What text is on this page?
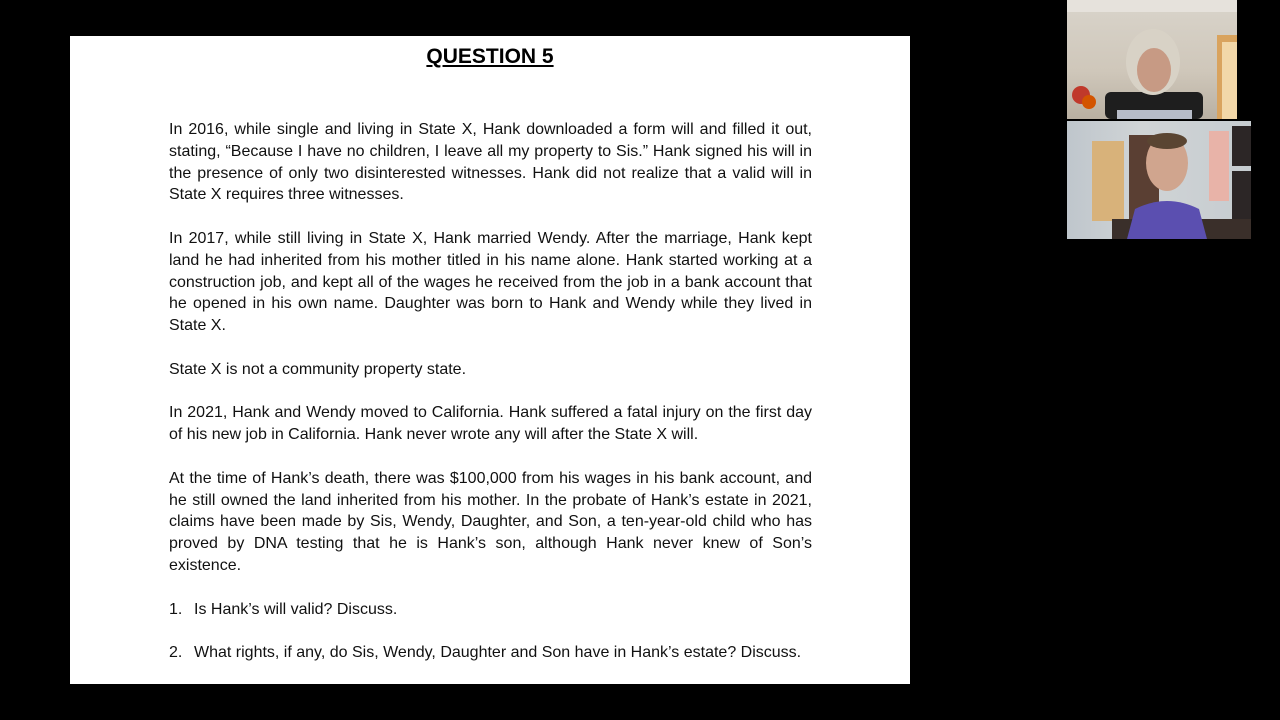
QUESTION 5

In 2016, while single and living in State X, Hank downloaded a form will and filled it out, stating, “Because I have no children, I leave all my property to Sis.” Hank signed his will in the presence of only two disinterested witnesses. Hank did not realize that a valid will in State X requires three witnesses.

In 2017, while still living in State X, Hank married Wendy. After the marriage, Hank kept land he had inherited from his mother titled in his name alone. Hank started working at a construction job, and kept all of the wages he received from the job in a bank account that he opened in his own name. Daughter was born to Hank and Wendy while they lived in State X.

State X is not a community property state.

In 2021, Hank and Wendy moved to California. Hank suffered a fatal injury on the first day of his new job in California. Hank never wrote any will after the State X will.

At the time of Hank’s death, there was $100,000 from his wages in his bank account, and he still owned the land inherited from his mother. In the probate of Hank’s estate in 2021, claims have been made by Sis, Wendy, Daughter, and Son, a ten-year-old child who has proved by DNA testing that he is Hank’s son, although Hank never knew of Son’s existence.

1. Is Hank’s will valid? Discuss.
2. What rights, if any, do Sis, Wendy, Daughter and Son have in Hank’s estate? Discuss.
